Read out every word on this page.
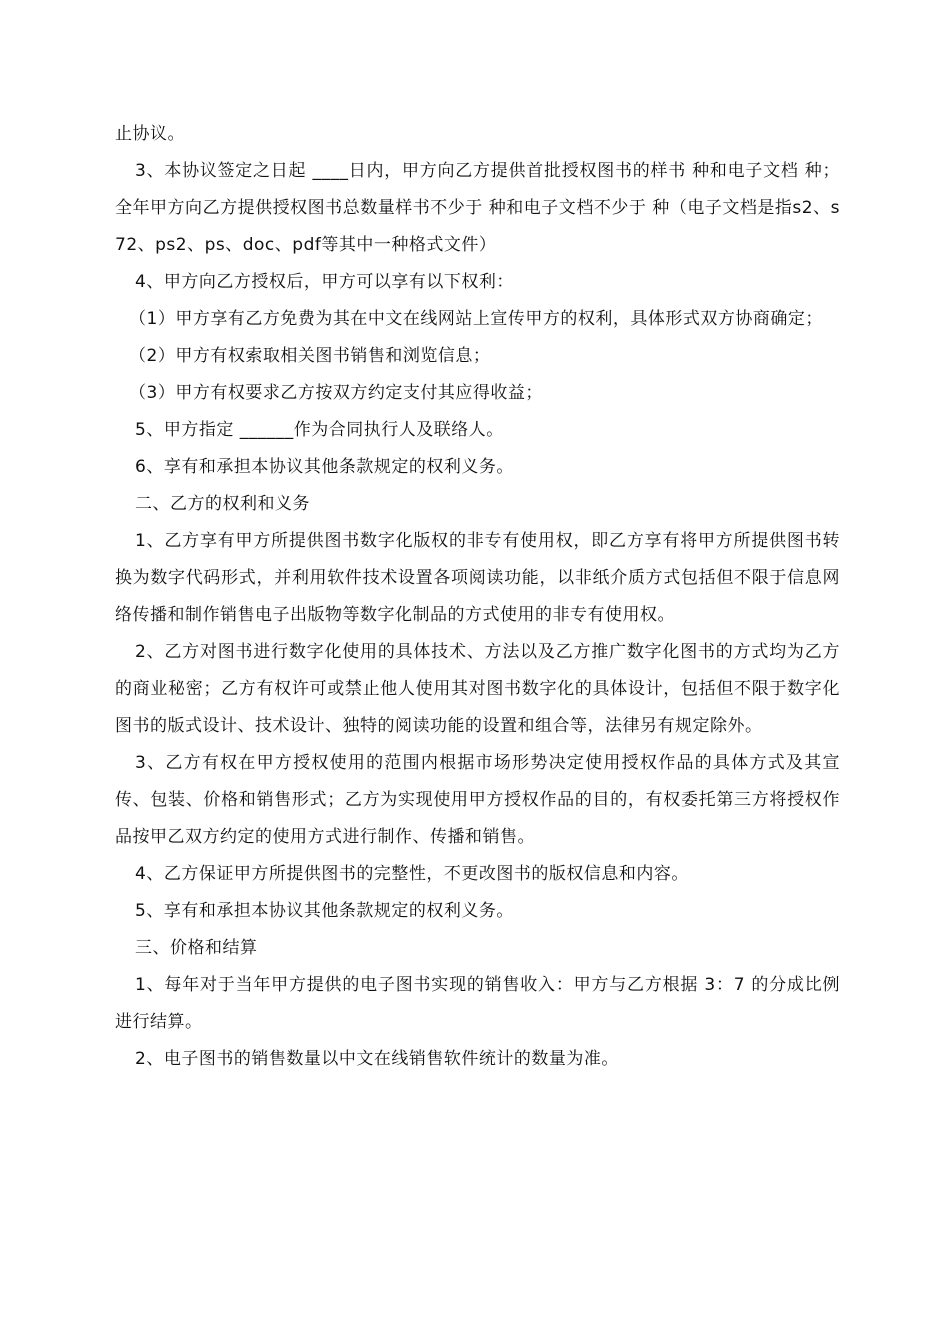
止协议。

3、本协议签定之日起 ____日内，甲方向乙方提供首批授权图书的样书 种和电子文档 种；全年甲方向乙方提供授权图书总数量样书不少于 种和电子文档不少于 种（电子文档是指s2、s72、ps2、ps、doc、pdf等其中一种格式文件）

4、甲方向乙方授权后，甲方可以享有以下权利：

（1）甲方享有乙方免费为其在中文在线网站上宣传甲方的权利，具体形式双方协商确定；

（2）甲方有权索取相关图书销售和浏览信息；

（3）甲方有权要求乙方按双方约定支付其应得收益；

5、甲方指定 ______作为合同执行人及联络人。

6、享有和承担本协议其他条款规定的权利义务。

二、乙方的权利和义务

1、乙方享有甲方所提供图书数字化版权的非专有使用权，即乙方享有将甲方所提供图书转换为数字代码形式，并利用软件技术设置各项阅读功能，以非纸介质方式包括但不限于信息网络传播和制作销售电子出版物等数字化制品的方式使用的非专有使用权。

2、乙方对图书进行数字化使用的具体技术、方法以及乙方推广数字化图书的方式均为乙方的商业秘密；乙方有权许可或禁止他人使用其对图书数字化的具体设计，包括但不限于数字化图书的版式设计、技术设计、独特的阅读功能的设置和组合等，法律另有规定除外。

3、乙方有权在甲方授权使用的范围内根据市场形势决定使用授权作品的具体方式及其宣传、包装、价格和销售形式；乙方为实现使用甲方授权作品的目的，有权委托第三方将授权作品按甲乙双方约定的使用方式进行制作、传播和销售。

4、乙方保证甲方所提供图书的完整性，不更改图书的版权信息和内容。

5、享有和承担本协议其他条款规定的权利义务。

三、价格和结算

1、每年对于当年甲方提供的电子图书实现的销售收入：甲方与乙方根据 3：7 的分成比例进行结算。

2、电子图书的销售数量以中文在线销售软件统计的数量为准。
